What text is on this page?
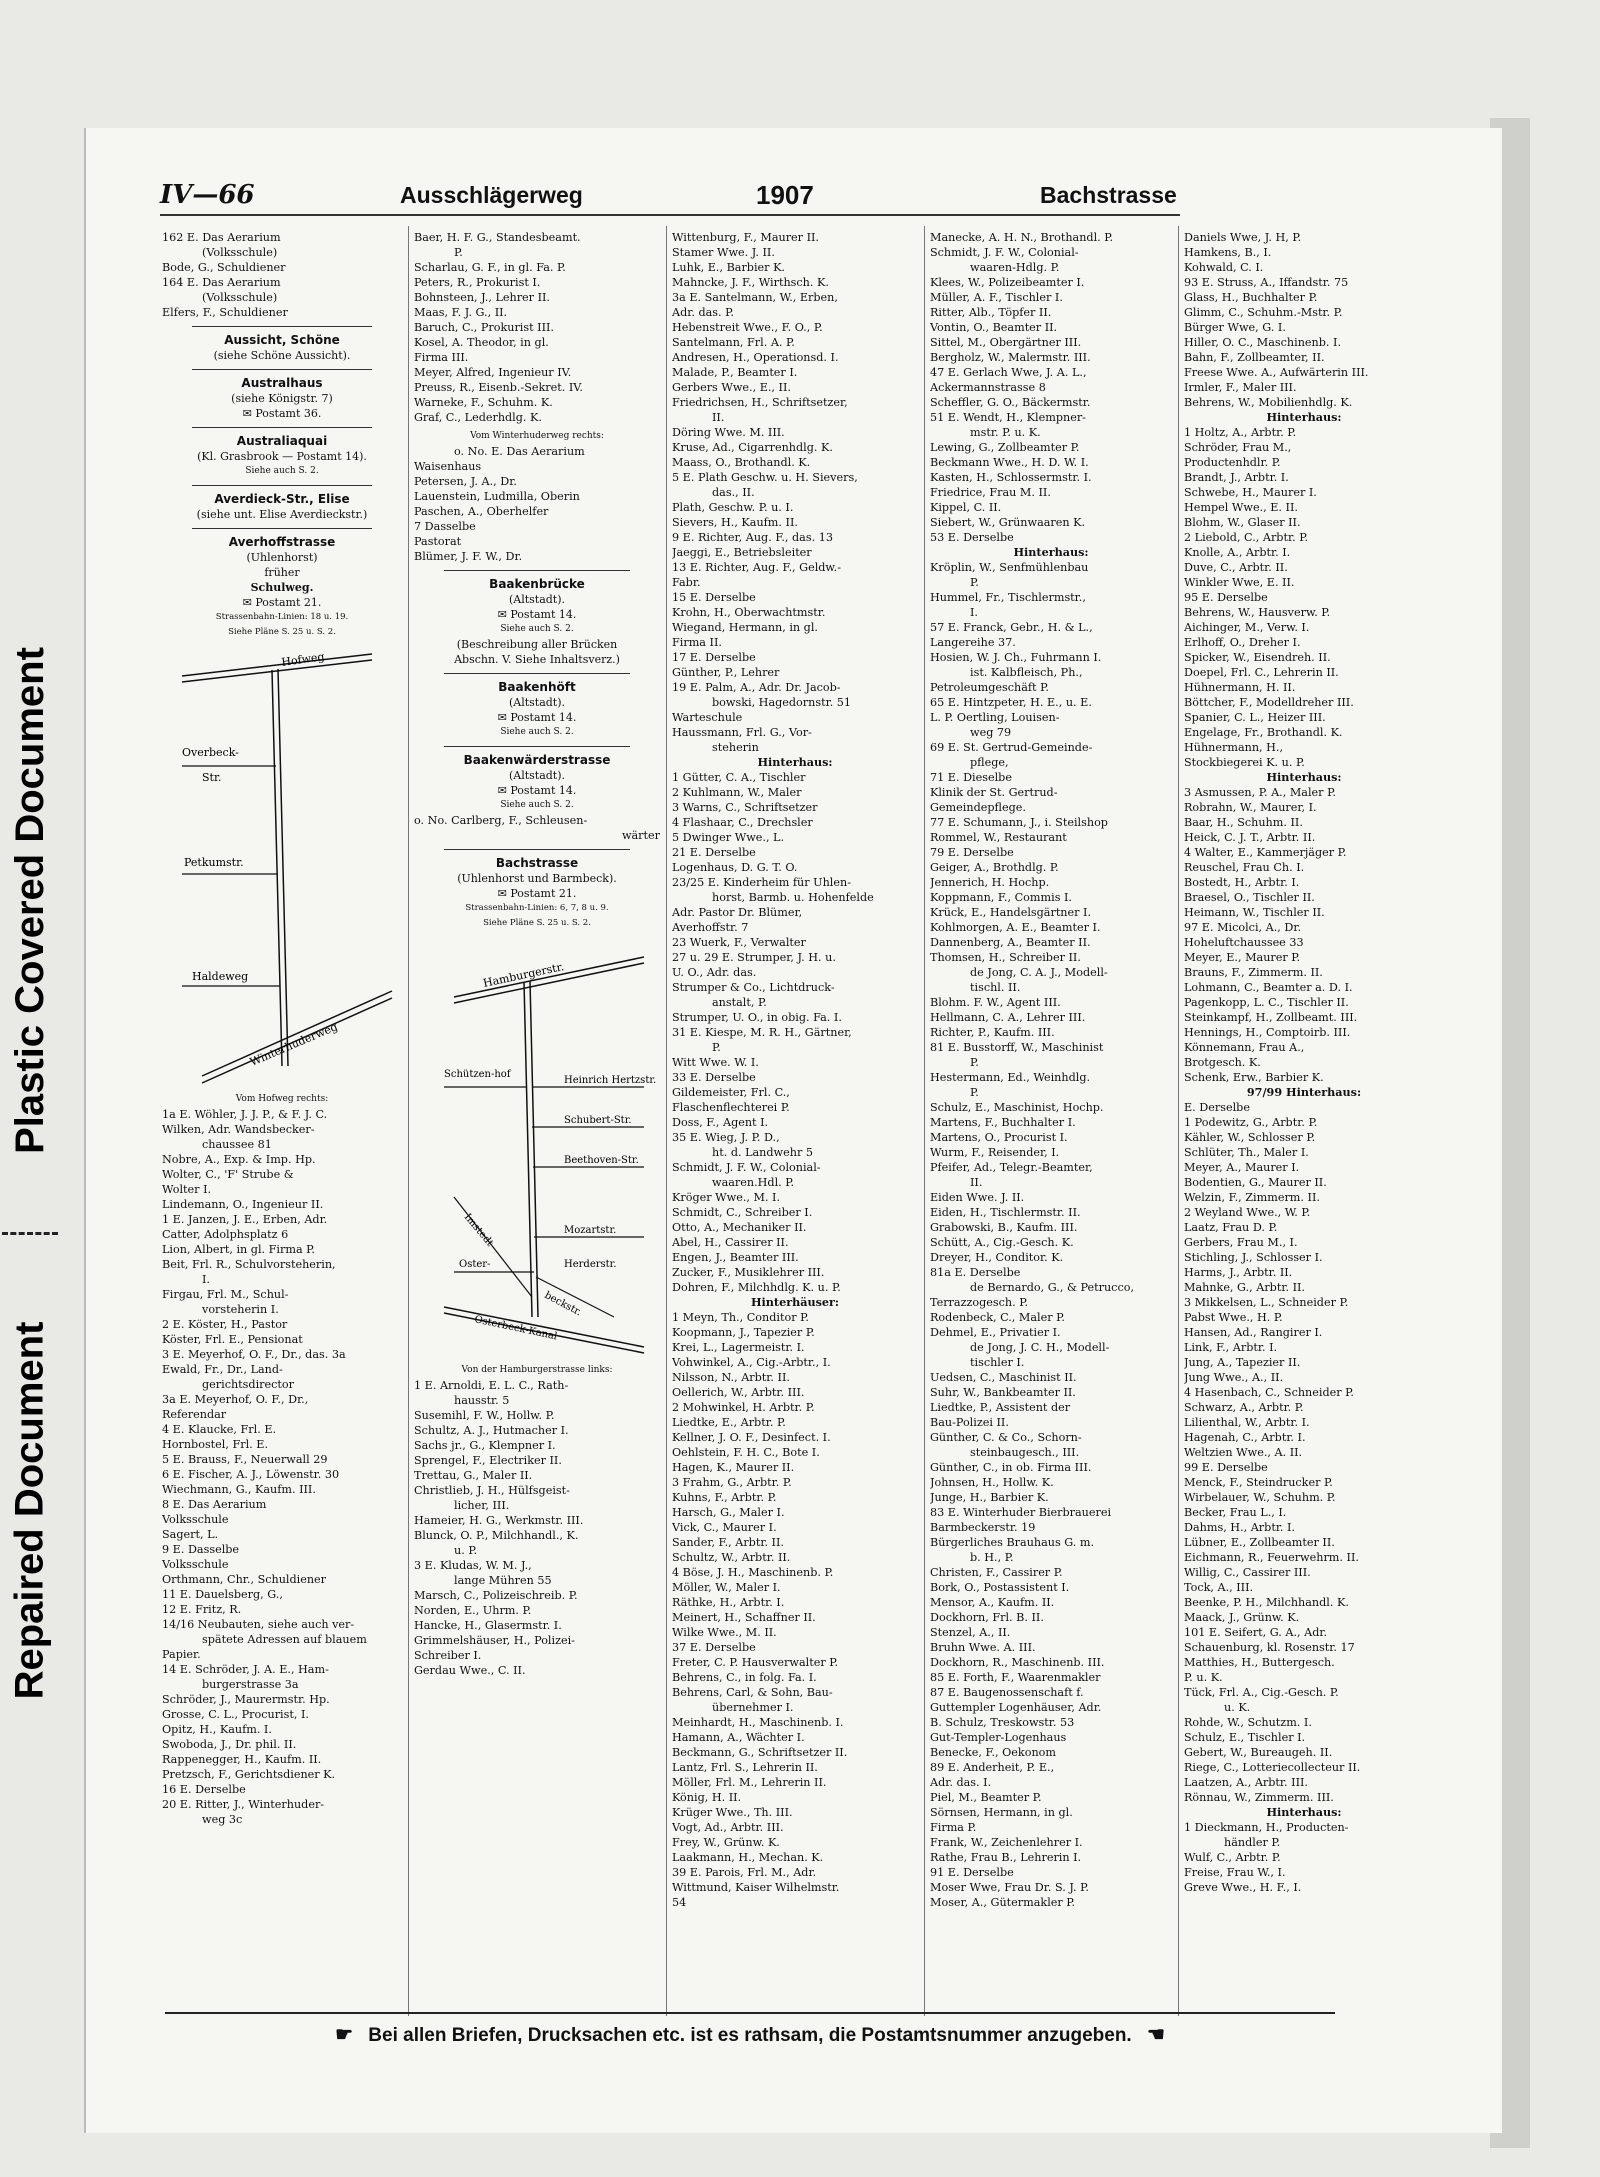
Plastic Covered Document
Repaired Document
IV—66	Ausschlägerweg	1907	Bachstrasse
162 E. Das Aerarium
(Volksschule)
Bode, G., Schuldiener
164 E. Das Aerarium
(Volksschule)
Elfers, F., Schuldiener
Aussicht, Schöne
(siehe Schöne Aussicht).
Australhaus
(siehe Königstr. 7)
✉ Postamt 36.
Australiaquai
(Kl. Grasbrook — Postamt 14).
Siehe auch S. 2.
Averdieck-Str., Elise
(siehe unt. Elise Averdieckstr.)
Averhoffstrasse
(Uhlenhorst)
früher
Schulweg.
✉ Postamt 21.
Strassenbahn-Linien: 18 u. 19.
Siehe Pläne S. 25 u. S. 2.
Hofweg
Overbeck-
Str.
Petkumstr.
Haldeweg
Winterhuderweg
Vom Hofweg rechts:
1a E. Wöhler, J. J. P., & F. J. C.
Wilken, Adr. Wandsbecker-
chaussee 81
Nobre, A., Exp. & Imp. Hp.
Wolter, C., 'F' Strube &
Wolter I.
Lindemann, O., Ingenieur II.
1 E. Janzen, J. E., Erben, Adr.
Catter, Adolphsplatz 6
Lion, Albert, in gl. Firma P.
Beit, Frl. R., Schulvorsteherin,
I.
Firgau, Frl. M., Schul-
vorsteherin I.
2 E. Köster, H., Pastor
Köster, Frl. E., Pensionat
3 E. Meyerhof, O. F., Dr., das. 3a
Ewald, Fr., Dr., Land-
gerichtsdirector
3a E. Meyerhof, O. F., Dr.,
Referendar
4 E. Klaucke, Frl. E.
Hornbostel, Frl. E.
5 E. Brauss, F., Neuerwall 29
6 E. Fischer, A. J., Löwenstr. 30
Wiechmann, G., Kaufm. III.
8 E. Das Aerarium
Volksschule
Sagert, L.
9 E. Dasselbe
Volksschule
Orthmann, Chr., Schuldiener
11 E. Dauelsberg, G.,
12 E. Fritz, R.
14/16 Neubauten, siehe auch ver-
spätete Adressen auf blauem
Papier.
14 E. Schröder, J. A. E., Ham-
burgerstrasse 3a
Schröder, J., Maurermstr. Hp.
Grosse, C. L., Procurist, I.
Opitz, H., Kaufm. I.
Swoboda, J., Dr. phil. II.
Rappenegger, H., Kaufm. II.
Pretzsch, F., Gerichtsdiener K.
16 E. Derselbe
20 E. Ritter, J., Winterhuder-
weg 3c
Baer, H. F. G., Standesbeamt.
P.
Scharlau, G. F., in gl. Fa. P.
Peters, R., Prokurist I.
Bohnsteen, J., Lehrer II.
Maas, F. J. G., II.
Baruch, C., Prokurist III.
Kosel, A. Theodor, in gl.
Firma III.
Meyer, Alfred, Ingenieur IV.
Preuss, R., Eisenb.-Sekret. IV.
Warneke, F., Schuhm. K.
Graf, C., Lederhdlg. K.
Vom Winterhuderweg rechts:
o. No. E. Das Aerarium
Waisenhaus
Petersen, J. A., Dr.
Lauenstein, Ludmilla, Oberin
Paschen, A., Oberhelfer
7 Dasselbe
Pastorat
Blümer, J. F. W., Dr.
Baakenbrücke
(Altstadt).
✉ Postamt 14.
Siehe auch S. 2.
(Beschreibung aller Brücken
Abschn. V. Siehe Inhaltsverz.)
Baakenhöft
(Altstadt).
✉ Postamt 14.
Siehe auch S. 2.
Baakenwärderstrasse
(Altstadt).
✉ Postamt 14.
Siehe auch S. 2.
o. No. Carlberg, F., Schleusen-
wärter
Bachstrasse
(Uhlenhorst und Barmbeck).
✉ Postamt 21.
Strassenbahn-Linien: 6, 7, 8 u. 9.
Siehe Pläne S. 25 u. S. 2.
Hamburgerstr.
Schützen-hof
Heinrich Hertzstr.
Schubert-Str.
Beethoven-Str.
Mozartstr.
Imstedt
Herderstr.
Oster-
beckstr.
Osterbeck-Kanal
Von der Hamburgerstrasse links:
1 E. Arnoldi, E. L. C., Rath-
hausstr. 5
Susemihl, F. W., Hollw. P.
Schultz, A. J., Hutmacher I.
Sachs jr., G., Klempner I.
Sprengel, F., Electriker II.
Trettau, G., Maler II.
Christlieb, J. H., Hülfsgeist-
licher, III.
Hameier, H. G., Werkmstr. III.
Blunck, O. P., Milchhandl., K.
u. P.
3 E. Kludas, W. M. J.,
lange Mühren 55
Marsch, C., Polizeischreib. P.
Norden, E., Uhrm. P.
Hancke, H., Glasermstr. I.
Grimmelshäuser, H., Polizei-
Schreiber I.
Gerdau Wwe., C. II.
Wittenburg, F., Maurer II.
Stamer Wwe. J. II.
Luhk, E., Barbier K.
Mahncke, J. F., Wirthsch. K.
3a E. Santelmann, W., Erben,
Adr. das. P.
Hebenstreit Wwe., F. O., P.
Santelmann, Frl. A. P.
Andresen, H., Operationsd. I.
Malade, P., Beamter I.
Gerbers Wwe., E., II.
Friedrichsen, H., Schriftsetzer,
II.
Döring Wwe. M. III.
Kruse, Ad., Cigarrenhdlg. K.
Maass, O., Brothandl. K.
5 E. Plath Geschw. u. H. Sievers,
das., II.
Plath, Geschw. P. u. I.
Sievers, H., Kaufm. II.
9 E. Richter, Aug. F., das. 13
Jaeggi, E., Betriebsleiter
13 E. Richter, Aug. F., Geldw.-
Fabr.
15 E. Derselbe
Krohn, H., Oberwachtmstr.
Wiegand, Hermann, in gl.
Firma II.
17 E. Derselbe
Günther, P., Lehrer
19 E. Palm, A., Adr. Dr. Jacob-
bowski, Hagedornstr. 51
Warteschule
Haussmann, Frl. G., Vor-
steherin
Hinterhaus:
1 Gütter, C. A., Tischler
2 Kuhlmann, W., Maler
3 Warns, C., Schriftsetzer
4 Flashaar, C., Drechsler
5 Dwinger Wwe., L.
21 E. Derselbe
Logenhaus, D. G. T. O.
23/25 E. Kinderheim für Uhlen-
horst, Barmb. u. Hohenfelde
Adr. Pastor Dr. Blümer,
Averhoffstr. 7
23 Wuerk, F., Verwalter
27 u. 29 E. Strumper, J. H. u.
U. O., Adr. das.
Strumper & Co., Lichtdruck-
anstalt, P.
Strumper, U. O., in obig. Fa. I.
31 E. Kiespe, M. R. H., Gärtner,
P.
Witt Wwe. W. I.
33 E. Derselbe
Gildemeister, Frl. C.,
Flaschenflechterei P.
Doss, F., Agent I.
35 E. Wieg, J. P. D.,
ht. d. Landwehr 5
Schmidt, J. F. W., Colonial-
waaren.Hdl. P.
Kröger Wwe., M. I.
Schmidt, C., Schreiber I.
Otto, A., Mechaniker II.
Abel, H., Cassirer II.
Engen, J., Beamter III.
Zucker, F., Musiklehrer III.
Dohren, F., Milchhdlg. K. u. P.
Hinterhäuser:
1 Meyn, Th., Conditor P.
Koopmann, J., Tapezier P.
Krei, L., Lagermeistr. I.
Vohwinkel, A., Cig.-Arbtr., I.
Nilsson, N., Arbtr. II.
Oellerich, W., Arbtr. III.
2 Mohwinkel, H. Arbtr. P.
Liedtke, E., Arbtr. P.
Kellner, J. O. F., Desinfect. I.
Oehlstein, F. H. C., Bote I.
Hagen, K., Maurer II.
3 Frahm, G., Arbtr. P.
Kuhns, F., Arbtr. P.
Harsch, G., Maler I.
Vick, C., Maurer I.
Sander, F., Arbtr. II.
Schultz, W., Arbtr. II.
4 Böse, J. H., Maschinenb. P.
Möller, W., Maler I.
Räthke, H., Arbtr. I.
Meinert, H., Schaffner II.
Wilke Wwe., M. II.
37 E. Derselbe
Freter, C. P. Hausverwalter P.
Behrens, C., in folg. Fa. I.
Behrens, Carl, & Sohn, Bau-
übernehmer I.
Meinhardt, H., Maschinenb. I.
Hamann, A., Wächter I.
Beckmann, G., Schriftsetzer II.
Lantz, Frl. S., Lehrerin II.
Möller, Frl. M., Lehrerin II.
König, H. II.
Krüger Wwe., Th. III.
Vogt, Ad., Arbtr. III.
Frey, W., Grünw. K.
Laakmann, H., Mechan. K.
39 E. Parois, Frl. M., Adr.
Wittmund, Kaiser Wilhelmstr.
54
Manecke, A. H. N., Brothandl. P.
Schmidt, J. F. W., Colonial-
waaren-Hdlg. P.
Klees, W., Polizeibeamter I.
Müller, A. F., Tischler I.
Ritter, Alb., Töpfer II.
Vontin, O., Beamter II.
Sittel, M., Obergärtner III.
Bergholz, W., Malermstr. III.
47 E. Gerlach Wwe, J. A. L.,
Ackermannstrasse 8
Scheffler, G. O., Bäckermstr.
51 E. Wendt, H., Klempner-
mstr. P. u. K.
Lewing, G., Zollbeamter P.
Beckmann Wwe., H. D. W. I.
Kasten, H., Schlossermstr. I.
Friedrice, Frau M. II.
Kippel, C. II.
Siebert, W., Grünwaaren K.
53 E. Derselbe
Hinterhaus:
Kröplin, W., Senfmühlenbau
P.
Hummel, Fr., Tischlermstr.,
I.
57 E. Franck, Gebr., H. & L.,
Langereihe 37.
Hosien, W. J. Ch., Fuhrmann I.
ist. Kalbfleisch, Ph.,
Petroleumgeschäft P.
65 E. Hintzpeter, H. E., u. E.
L. P. Oertling, Louisen-
weg 79
69 E. St. Gertrud-Gemeinde-
pflege,
71 E. Dieselbe
Klinik der St. Gertrud-
Gemeindepflege.
77 E. Schumann, J., i. Steilshop
Rommel, W., Restaurant
79 E. Derselbe
Geiger, A., Brothdlg. P.
Jennerich, H. Hochp.
Koppmann, F., Commis I.
Krück, E., Handelsgärtner I.
Kohlmorgen, A. E., Beamter I.
Dannenberg, A., Beamter II.
Thomsen, H., Schreiber II.
de Jong, C. A. J., Modell-
tischl. II.
Blohm. F. W., Agent III.
Hellmann, C. A., Lehrer III.
Richter, P., Kaufm. III.
81 E. Busstorff, W., Maschinist
P.
Hestermann, Ed., Weinhdlg.
P.
Schulz, E., Maschinist, Hochp.
Martens, F., Buchhalter I.
Martens, O., Procurist I.
Wurm, F., Reisender, I.
Pfeifer, Ad., Telegr.-Beamter,
II.
Eiden Wwe. J. II.
Eiden, H., Tischlermstr. II.
Grabowski, B., Kaufm. III.
Schütt, A., Cig.-Gesch. K.
Dreyer, H., Conditor. K.
81a E. Derselbe
de Bernardo, G., & Petrucco,
Terrazzogesch. P.
Rodenbeck, C., Maler P.
Dehmel, E., Privatier I.
de Jong, J. C. H., Modell-
tischler I.
Uedsen, C., Maschinist II.
Suhr, W., Bankbeamter II.
Liedtke, P., Assistent der
Bau-Polizei II.
Günther, C. & Co., Schorn-
steinbaugesch., III.
Günther, C., in ob. Firma III.
Johnsen, H., Hollw. K.
Junge, H., Barbier K.
83 E. Winterhuder Bierbrauerei
Barmbeckerstr. 19
Bürgerliches Brauhaus G. m.
b. H., P.
Christen, F., Cassirer P.
Bork, O., Postassistent I.
Mensor, A., Kaufm. II.
Dockhorn, Frl. B. II.
Stenzel, A., II.
Bruhn Wwe. A. III.
Dockhorn, R., Maschinenb. III.
85 E. Forth, F., Waarenmakler
87 E. Baugenossenschaft f.
Guttempler Logenhäuser, Adr.
B. Schulz, Treskowstr. 53
Gut-Templer-Logenhaus
Benecke, F., Oekonom
89 E. Anderheit, P. E.,
Adr. das. I.
Piel, M., Beamter P.
Sörnsen, Hermann, in gl.
Firma P.
Frank, W., Zeichenlehrer I.
Rathe, Frau B., Lehrerin I.
91 E. Derselbe
Moser Wwe, Frau Dr. S. J. P.
Moser, A., Gütermakler P.
Daniels Wwe, J. H, P.
Hamkens, B., I.
Kohwald, C. I.
93 E. Struss, A., Iffandstr. 75
Glass, H., Buchhalter P.
Glimm, C., Schuhm.-Mstr. P.
Bürger Wwe, G. I.
Hiller, O. C., Maschinenb. I.
Bahn, F., Zollbeamter, II.
Freese Wwe. A., Aufwärterin III.
Irmler, F., Maler III.
Behrens, W., Mobilienhdlg. K.
Hinterhaus:
1 Holtz, A., Arbtr. P.
Schröder, Frau M.,
Productenhdlr. P.
Brandt, J., Arbtr. I.
Schwebe, H., Maurer I.
Hempel Wwe., E. II.
Blohm, W., Glaser II.
2 Liebold, C., Arbtr. P.
Knolle, A., Arbtr. I.
Duve, C., Arbtr. II.
Winkler Wwe, E. II.
95 E. Derselbe
Behrens, W., Hausverw. P.
Aichinger, M., Verw. I.
Erlhoff, O., Dreher I.
Spicker, W., Eisendreh. II.
Doepel, Frl. C., Lehrerin II.
Hühnermann, H. II.
Böttcher, F., Modelldreher III.
Spanier, C. L., Heizer III.
Engelage, Fr., Brothandl. K.
Hühnermann, H.,
Stockbiegerei K. u. P.
Hinterhaus:
3 Asmussen, P. A., Maler P.
Robrahn, W., Maurer, I.
Baar, H., Schuhm. II.
Heick, C. J. T., Arbtr. II.
4 Walter, E., Kammerjäger P.
Reuschel, Frau Ch. I.
Bostedt, H., Arbtr. I.
Braesel, O., Tischler II.
Heimann, W., Tischler II.
97 E. Micolci, A., Dr.
Hoheluftchaussee 33
Meyer, E., Maurer P.
Brauns, F., Zimmerm. II.
Lohmann, C., Beamter a. D. I.
Pagenkopp, L. C., Tischler II.
Steinkampf, H., Zollbeamt. III.
Hennings, H., Comptoirb. III.
Könnemann, Frau A.,
Brotgesch. K.
Schenk, Erw., Barbier K.
97/99 Hinterhaus:
E. Derselbe
1 Podewitz, G., Arbtr. P.
Kähler, W., Schlosser P.
Schlüter, Th., Maler I.
Meyer, A., Maurer I.
Bodentien, G., Maurer II.
Welzin, F., Zimmerm. II.
2 Weyland Wwe., W. P.
Laatz, Frau D. P.
Gerbers, Frau M., I.
Stichling, J., Schlosser I.
Harms, J., Arbtr. II.
Mahnke, G., Arbtr. II.
3 Mikkelsen, L., Schneider P.
Pabst Wwe., H. P.
Hansen, Ad., Rangirer I.
Link, F., Arbtr. I.
Jung, A., Tapezier II.
Jung Wwe., A., II.
4 Hasenbach, C., Schneider P.
Schwarz, A., Arbtr. P.
Lilienthal, W., Arbtr. I.
Hagenah, C., Arbtr. I.
Weltzien Wwe., A. II.
99 E. Derselbe
Menck, F., Steindrucker P.
Wirbelauer, W., Schuhm. P.
Becker, Frau L., I.
Dahms, H., Arbtr. I.
Lübner, E., Zollbeamter II.
Eichmann, R., Feuerwehrm. II.
Willig, C., Cassirer III.
Tock, A., III.
Beenke, P. H., Milchhandl. K.
Maack, J., Grünw. K.
101 E. Seifert, G. A., Adr.
Schauenburg, kl. Rosenstr. 17
Matthies, H., Buttergesch.
P. u. K.
Tück, Frl. A., Cig.-Gesch. P.
u. K.
Rohde, W., Schutzm. I.
Schulz, E., Tischler I.
Gebert, W., Bureaugeh. II.
Riege, C., Lotteriecollecteur II.
Laatzen, A., Arbtr. III.
Rönnau, W., Zimmerm. III.
Hinterhaus:
1 Dieckmann, H., Producten-
händler P.
Wulf, C., Arbtr. P.
Freise, Frau W., I.
Greve Wwe., H. F., I.
☛ Bei allen Briefen, Drucksachen etc. ist es rathsam, die Postamtsnummer anzugeben. ☚
